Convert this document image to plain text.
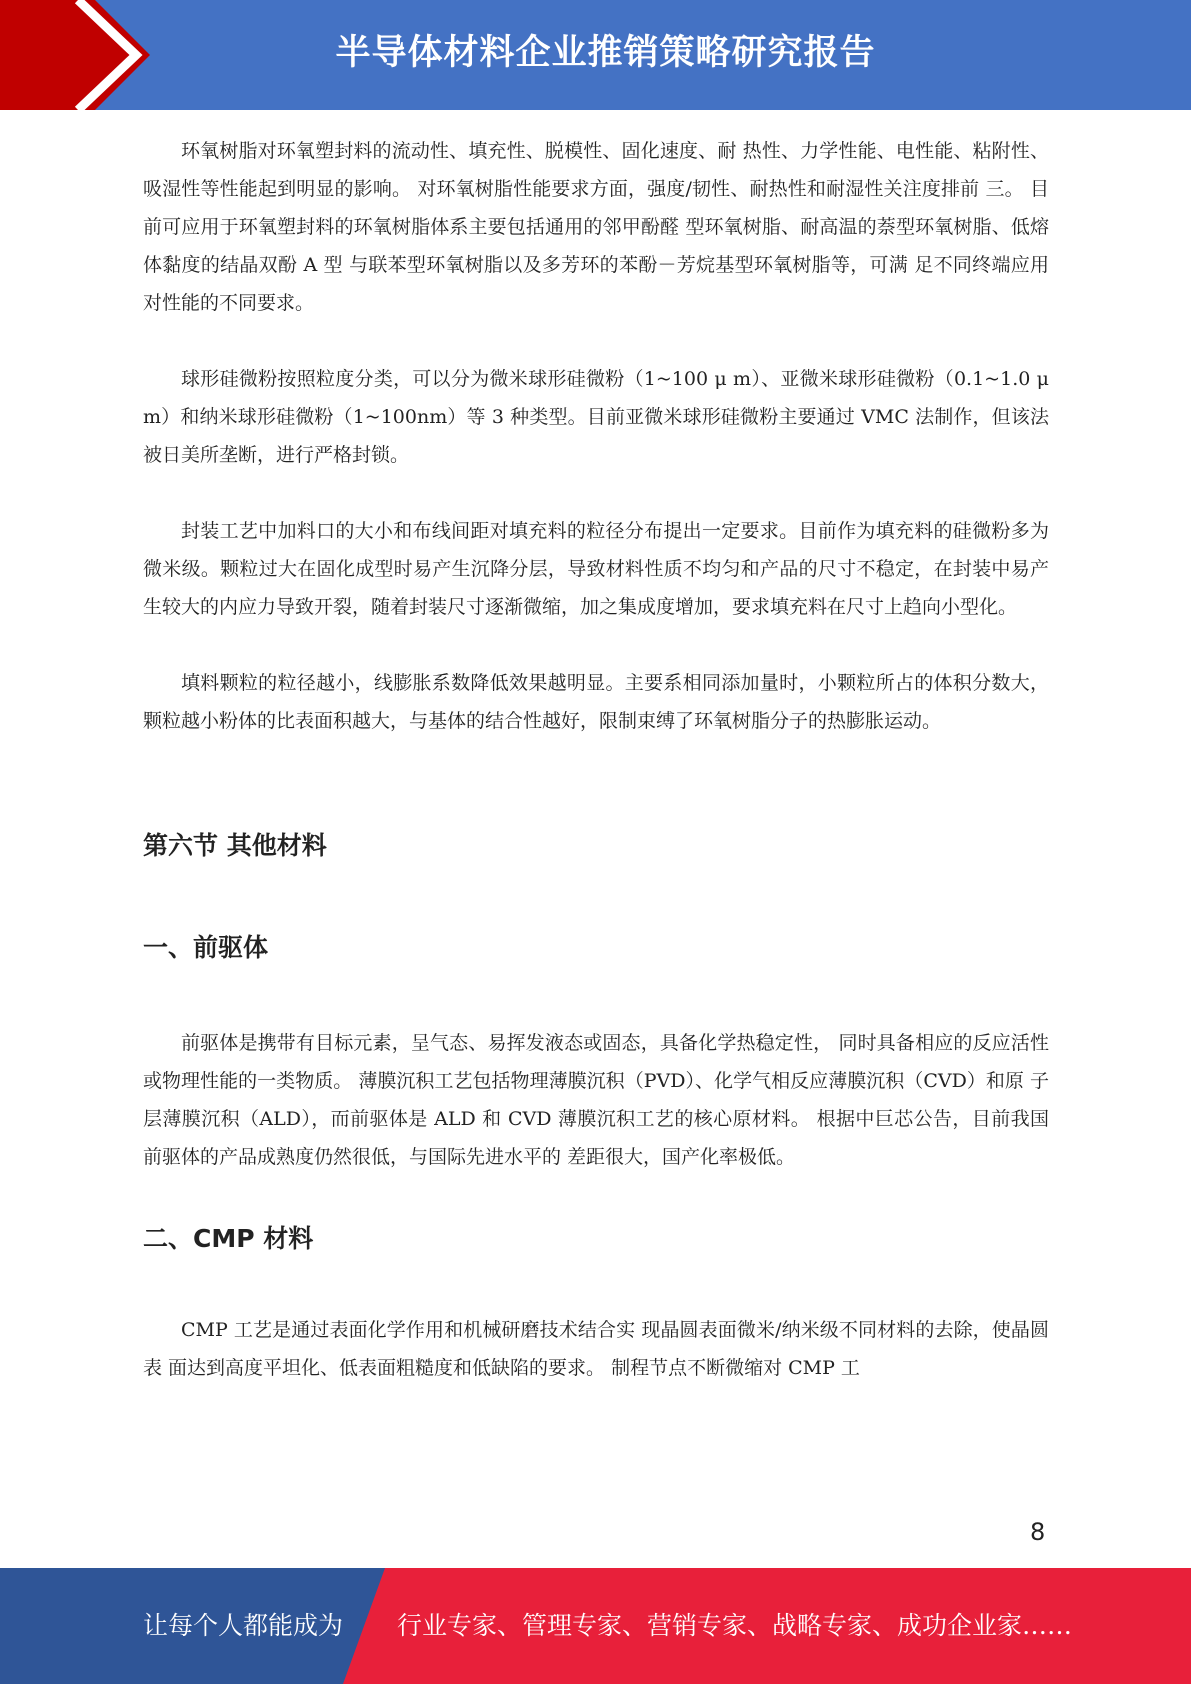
半导体材料企业推销策略研究报告

环氧树脂对环氧塑封料的流动性、填充性、脱模性、固化速度、耐 热性、力学性能、电性能、粘附性、吸湿性等性能起到明显的影响。 对环氧树脂性能要求方面，强度/韧性、耐热性和耐湿性关注度排前 三。 目前可应用于环氧塑封料的环氧树脂体系主要包括通用的邻甲酚醛 型环氧树脂、耐高温的萘型环氧树脂、低熔体黏度的结晶双酚 A 型 与联苯型环氧树脂以及多芳环的苯酚－芳烷基型环氧树脂等，可满 足不同终端应用对性能的不同要求。

球形硅微粉按照粒度分类，可以分为微米球形硅微粉（1~100 μ m）、亚微米球形硅微粉（0.1~1.0 μ m）和纳米球形硅微粉（1~100nm）等 3 种类型。目前亚微米球形硅微粉主要通过 VMC 法制作，但该法被日美所垄断，进行严格封锁。

封装工艺中加料口的大小和布线间距对填充料的粒径分布提出一定要求。目前作为填充料的硅微粉多为微米级。颗粒过大在固化成型时易产生沉降分层，导致材料性质不均匀和产品的尺寸不稳定，在封装中易产生较大的内应力导致开裂，随着封装尺寸逐渐微缩，加之集成度增加，要求填充料在尺寸上趋向小型化。

填料颗粒的粒径越小，线膨胀系数降低效果越明显。主要系相同添加量时，小颗粒所占的体积分数大，颗粒越小粉体的比表面积越大，与基体的结合性越好，限制束缚了环氧树脂分子的热膨胀运动。

第六节 其他材料
一、前驱体

前驱体是携带有目标元素，呈气态、易挥发液态或固态，具备化学热稳定性， 同时具备相应的反应活性或物理性能的一类物质。 薄膜沉积工艺包括物理薄膜沉积（PVD）、化学气相反应薄膜沉积（CVD）和原 子层薄膜沉积（ALD），而前驱体是 ALD 和 CVD 薄膜沉积工艺的核心原材料。 根据中巨芯公告，目前我国前驱体的产品成熟度仍然很低，与国际先进水平的 差距很大，国产化率极低。

二、CMP 材料

CMP 工艺是通过表面化学作用和机械研磨技术结合实 现晶圆表面微米/纳米级不同材料的去除，使晶圆表 面达到高度平坦化、低表面粗糙度和低缺陷的要求。 制程节点不断微缩对 CMP 工

8
让每个人都能成为 行业专家、管理专家、营销专家、战略专家、成功企业家……
